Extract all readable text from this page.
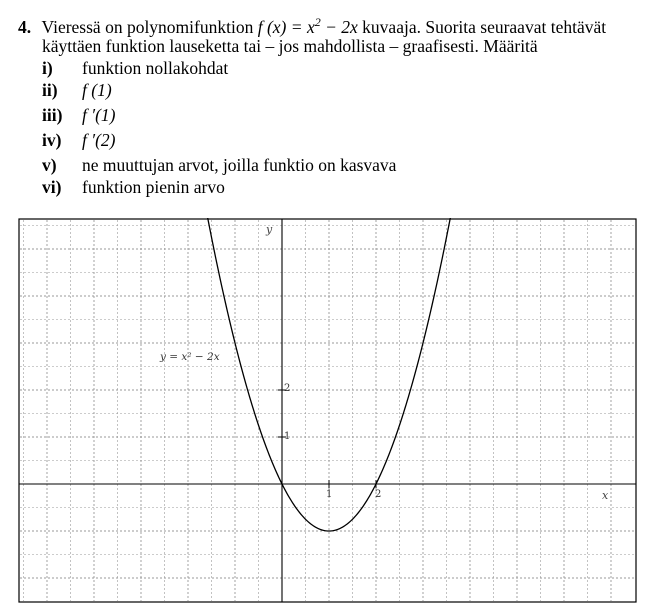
4. Vieressä on polynomifunktion f $(x) = x^2 - 2x$ kuvaaja. Suorita seuraavat tehtävät
käyttäen funktion lauseketta tai – jos mahdollista – graafisesti. Määritä
i) funktion nollakohdat
ii) f (1)
iii) f ′(1)
iv) f ′(2)
v) ne muuttujan arvot, joilla funktio on kasvava
vi) funktion pienin arvo
x
y
y = x² − 2x
1	2
1
2
